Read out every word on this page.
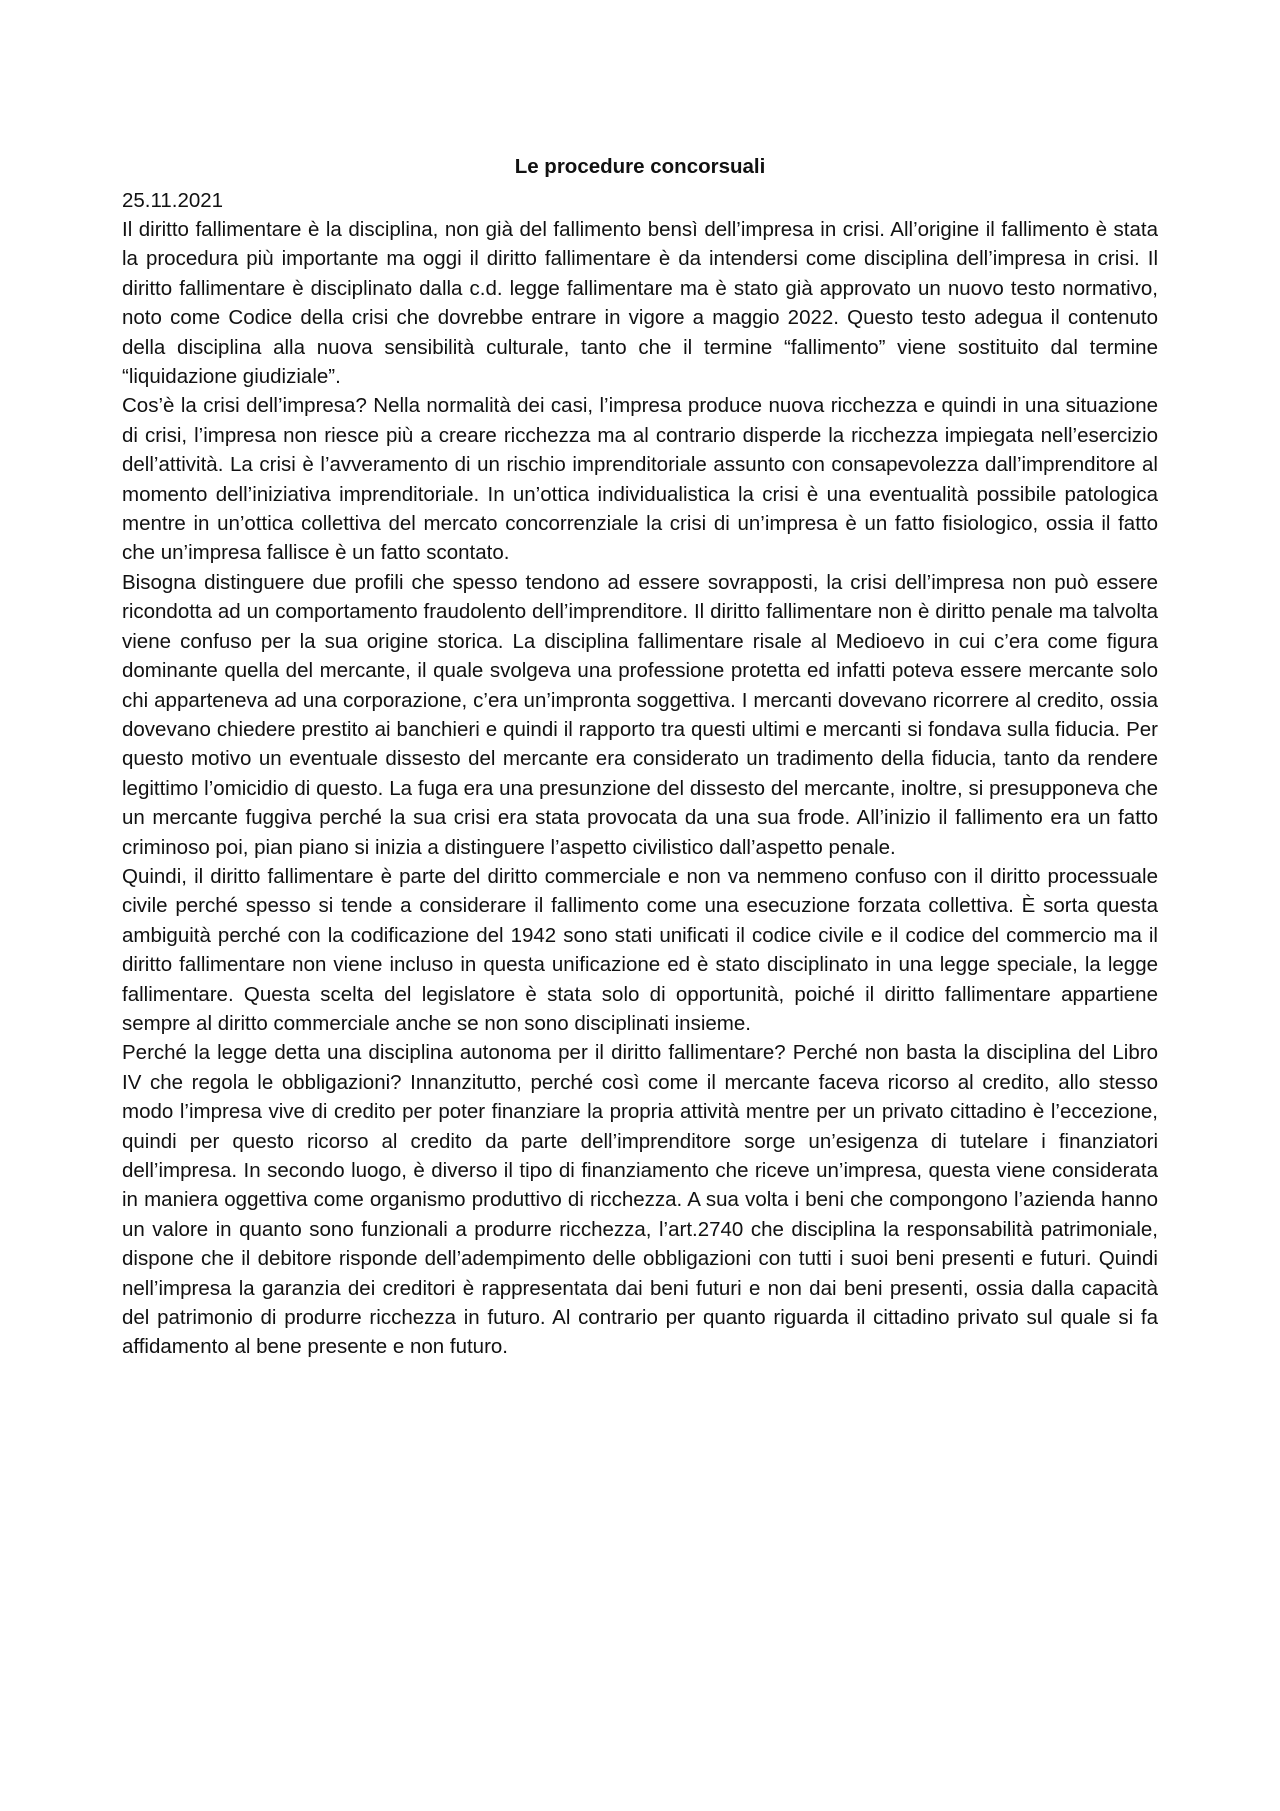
Le procedure concorsuali

25.11.2021

Il diritto fallimentare è la disciplina, non già del fallimento bensì dell’impresa in crisi. All’origine il fallimento è stata la procedura più importante ma oggi il diritto fallimentare è da intendersi come disciplina dell’impresa in crisi. Il diritto fallimentare è disciplinato dalla c.d. legge fallimentare ma è stato già approvato un nuovo testo normativo, noto come Codice della crisi che dovrebbe entrare in vigore a maggio 2022. Questo testo adegua il contenuto della disciplina alla nuova sensibilità culturale, tanto che il termine “fallimento” viene sostituito dal termine “liquidazione giudiziale”.

Cos’è la crisi dell’impresa? Nella normalità dei casi, l’impresa produce nuova ricchezza e quindi in una situazione di crisi, l’impresa non riesce più a creare ricchezza ma al contrario disperde la ricchezza impiegata nell’esercizio dell’attività. La crisi è l’avveramento di un rischio imprenditoriale assunto con consapevolezza dall’imprenditore al momento dell’iniziativa imprenditoriale. In un’ottica individualistica la crisi è una eventualità possibile patologica mentre in un’ottica collettiva del mercato concorrenziale la crisi di un’impresa è un fatto fisiologico, ossia il fatto che un’impresa fallisce è un fatto scontato.

Bisogna distinguere due profili che spesso tendono ad essere sovrapposti, la crisi dell’impresa non può essere ricondotta ad un comportamento fraudolento dell’imprenditore. Il diritto fallimentare non è diritto penale ma talvolta viene confuso per la sua origine storica. La disciplina fallimentare risale al Medioevo in cui c’era come figura dominante quella del mercante, il quale svolgeva una professione protetta ed infatti poteva essere mercante solo chi apparteneva ad una corporazione, c’era un’impronta soggettiva. I mercanti dovevano ricorrere al credito, ossia dovevano chiedere prestito ai banchieri e quindi il rapporto tra questi ultimi e mercanti si fondava sulla fiducia. Per questo motivo un eventuale dissesto del mercante era considerato un tradimento della fiducia, tanto da rendere legittimo l’omicidio di questo. La fuga era una presunzione del dissesto del mercante, inoltre, si presupponeva che un mercante fuggiva perché la sua crisi era stata provocata da una sua frode. All’inizio il fallimento era un fatto criminoso poi, pian piano si inizia a distinguere l’aspetto civilistico dall’aspetto penale.

Quindi, il diritto fallimentare è parte del diritto commerciale e non va nemmeno confuso con il diritto processuale civile perché spesso si tende a considerare il fallimento come una esecuzione forzata collettiva. È sorta questa ambiguità perché con la codificazione del 1942 sono stati unificati il codice civile e il codice del commercio ma il diritto fallimentare non viene incluso in questa unificazione ed è stato disciplinato in una legge speciale, la legge fallimentare. Questa scelta del legislatore è stata solo di opportunità, poiché il diritto fallimentare appartiene sempre al diritto commerciale anche se non sono disciplinati insieme.

Perché la legge detta una disciplina autonoma per il diritto fallimentare? Perché non basta la disciplina del Libro IV che regola le obbligazioni? Innanzitutto, perché così come il mercante faceva ricorso al credito, allo stesso modo l’impresa vive di credito per poter finanziare la propria attività mentre per un privato cittadino è l’eccezione, quindi per questo ricorso al credito da parte dell’imprenditore sorge un’esigenza di tutelare i finanziatori dell’impresa. In secondo luogo, è diverso il tipo di finanziamento che riceve un’impresa, questa viene considerata in maniera oggettiva come organismo produttivo di ricchezza. A sua volta i beni che compongono l’azienda hanno un valore in quanto sono funzionali a produrre ricchezza, l’art.2740 che disciplina la responsabilità patrimoniale, dispone che il debitore risponde dell’adempimento delle obbligazioni con tutti i suoi beni presenti e futuri. Quindi nell’impresa la garanzia dei creditori è rappresentata dai beni futuri e non dai beni presenti, ossia dalla capacità del patrimonio di produrre ricchezza in futuro. Al contrario per quanto riguarda il cittadino privato sul quale si fa affidamento al bene presente e non futuro.
